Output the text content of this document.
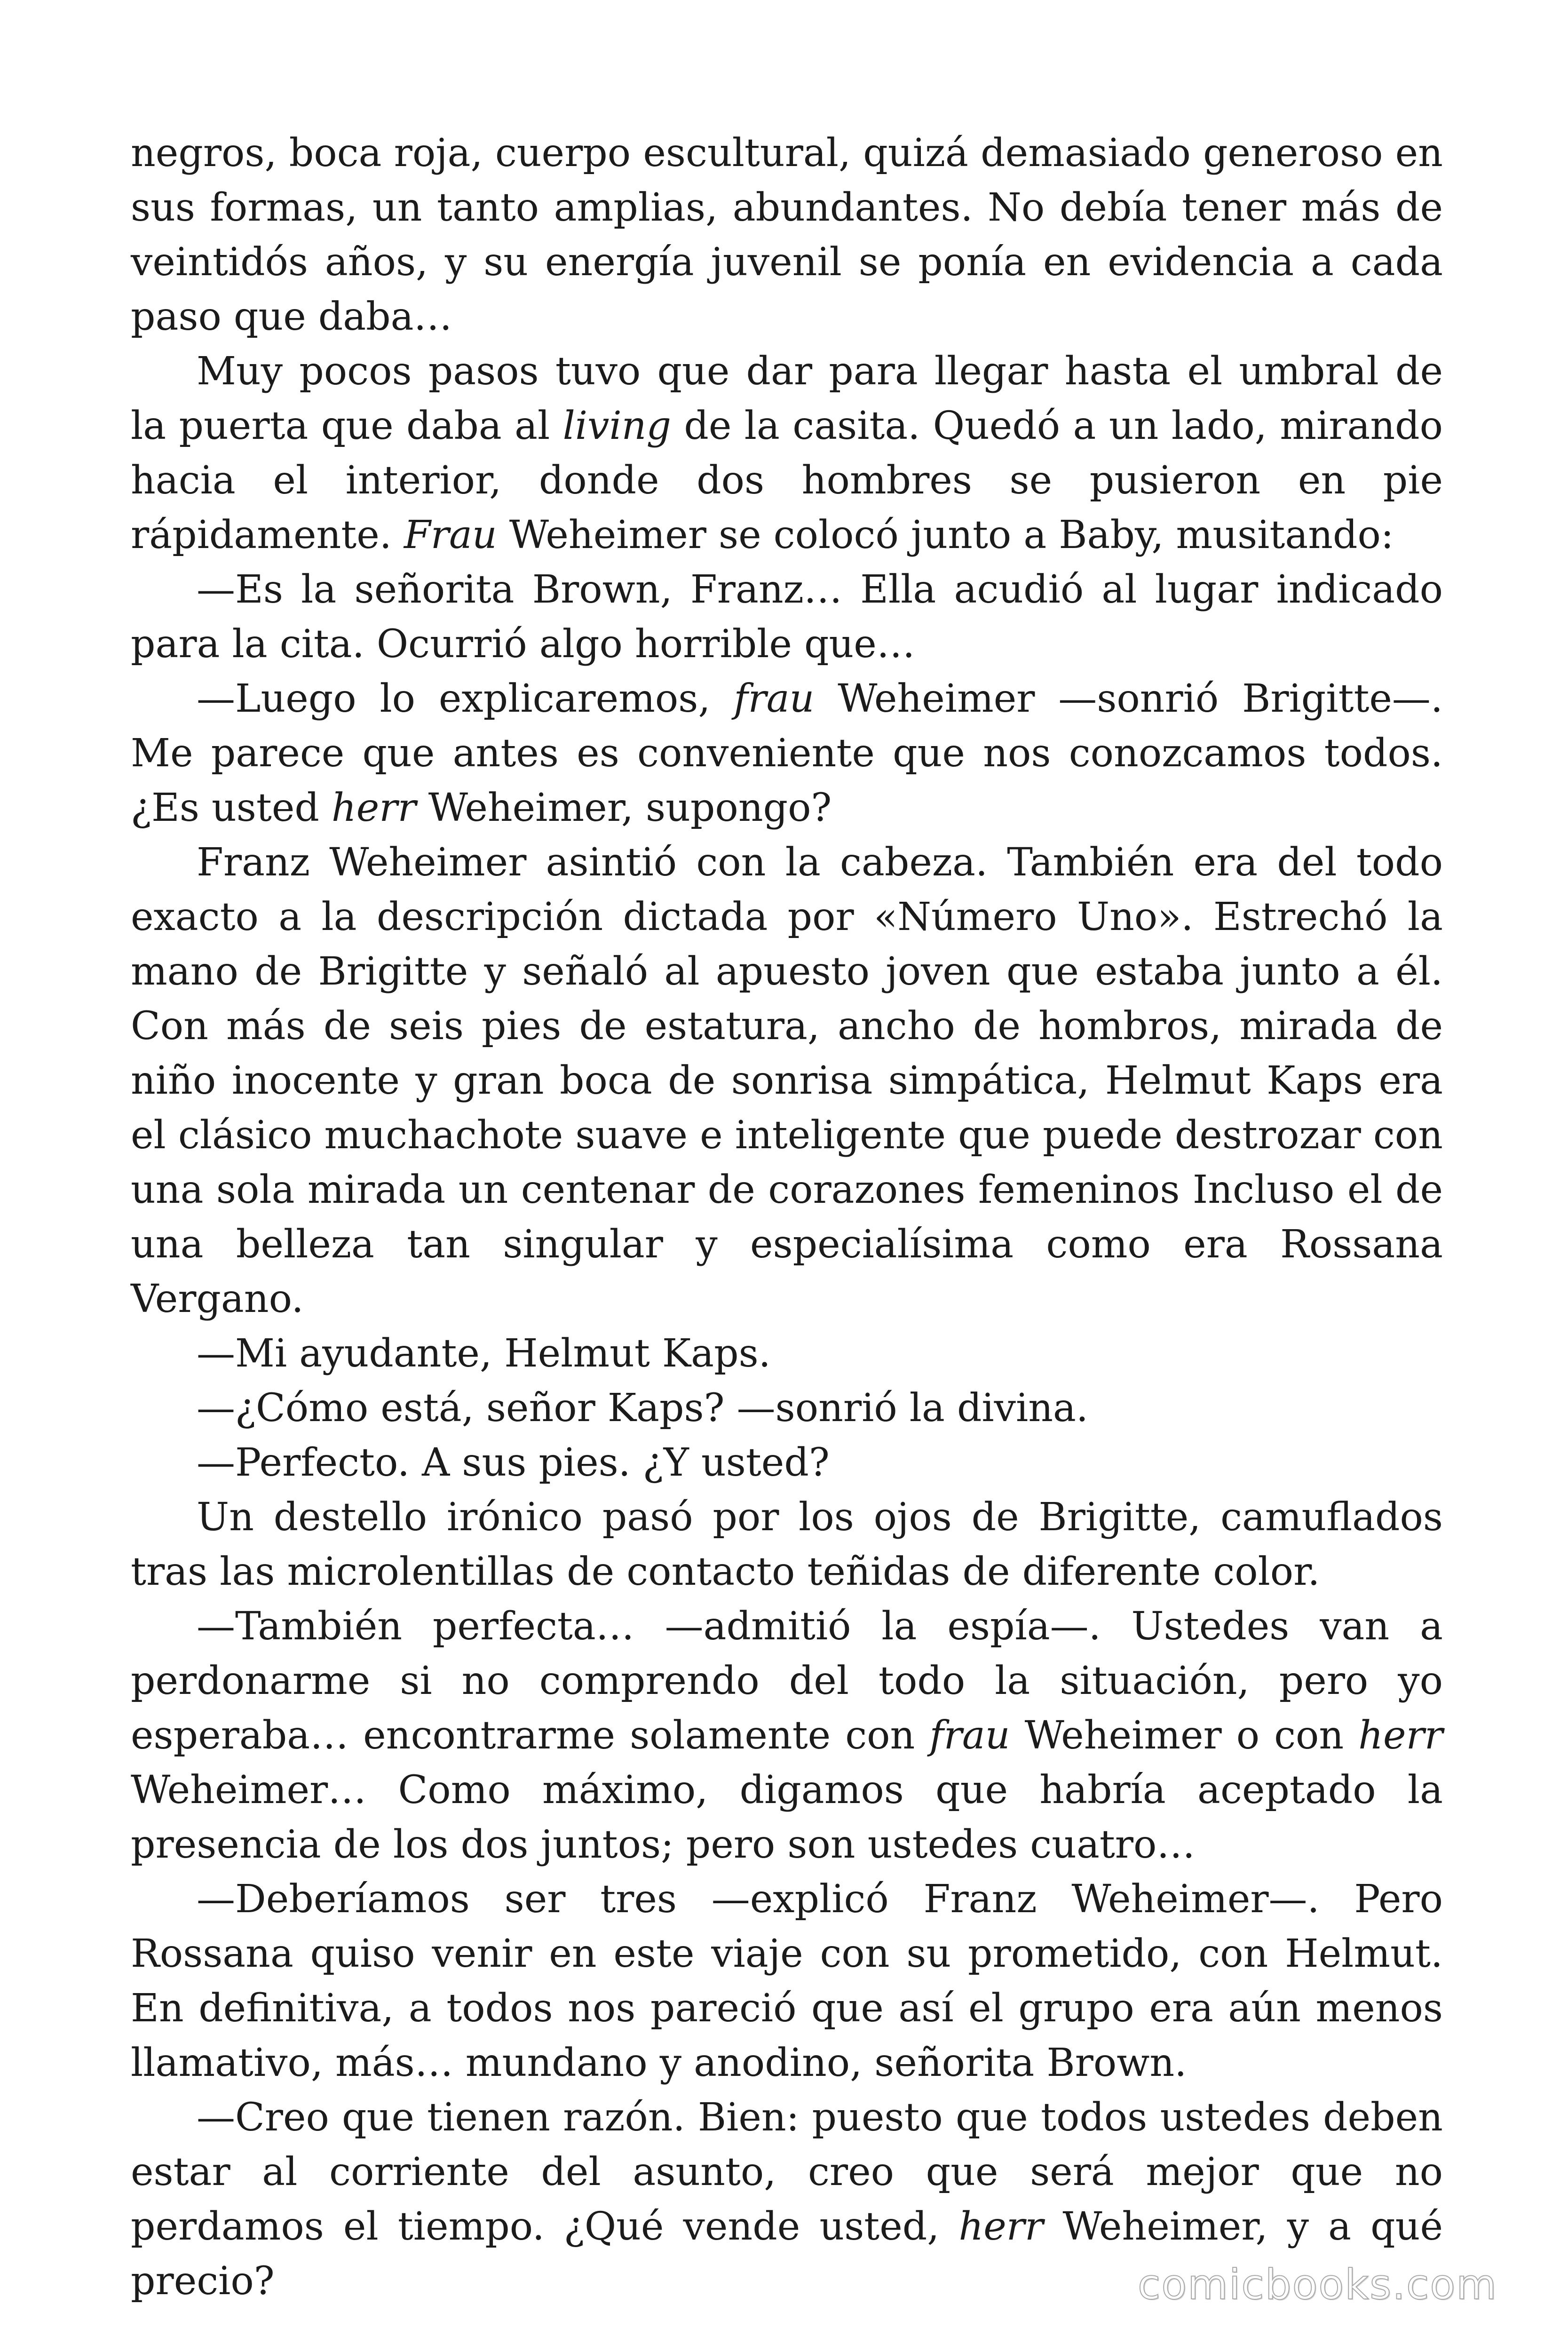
negros, boca roja, cuerpo escultural, quizá demasiado generoso en sus formas, un tanto amplias, abundantes. No debía tener más de veintidós años, y su energía juvenil se ponía en evidencia a cada paso que daba…

Muy pocos pasos tuvo que dar para llegar hasta el umbral de la puerta que daba al living de la casita. Quedó a un lado, mirando hacia el interior, donde dos hombres se pusieron en pie rápidamente. Frau Weheimer se colocó junto a Baby, musitando:

—Es la señorita Brown, Franz… Ella acudió al lugar indicado para la cita. Ocurrió algo horrible que…

—Luego lo explicaremos, frau Weheimer —sonrió Brigitte—. Me parece que antes es conveniente que nos conozcamos todos. ¿Es usted herr Weheimer, supongo?

Franz Weheimer asintió con la cabeza. También era del todo exacto a la descripción dictada por «Número Uno». Estrechó la mano de Brigitte y señaló al apuesto joven que estaba junto a él. Con más de seis pies de estatura, ancho de hombros, mirada de niño inocente y gran boca de sonrisa simpática, Helmut Kaps era el clásico muchachote suave e inteligente que puede destrozar con una sola mirada un centenar de corazones femeninos Incluso el de una belleza tan singular y especialísima como era Rossana Vergano.

—Mi ayudante, Helmut Kaps.

—¿Cómo está, señor Kaps? —sonrió la divina.

—Perfecto. A sus pies. ¿Y usted?

Un destello irónico pasó por los ojos de Brigitte, camuflados tras las microlentillas de contacto teñidas de diferente color.

—También perfecta… —admitió la espía—. Ustedes van a perdonarme si no comprendo del todo la situación, pero yo esperaba… encontrarme solamente con frau Weheimer o con herr Weheimer… Como máximo, digamos que habría aceptado la presencia de los dos juntos; pero son ustedes cuatro…

—Deberíamos ser tres —explicó Franz Weheimer—. Pero Rossana quiso venir en este viaje con su prometido, con Helmut. En definitiva, a todos nos pareció que así el grupo era aún menos llamativo, más… mundano y anodino, señorita Brown.

—Creo que tienen razón. Bien: puesto que todos ustedes deben estar al corriente del asunto, creo que será mejor que no perdamos el tiempo. ¿Qué vende usted, herr Weheimer, y a qué precio?	comicbooks.com
